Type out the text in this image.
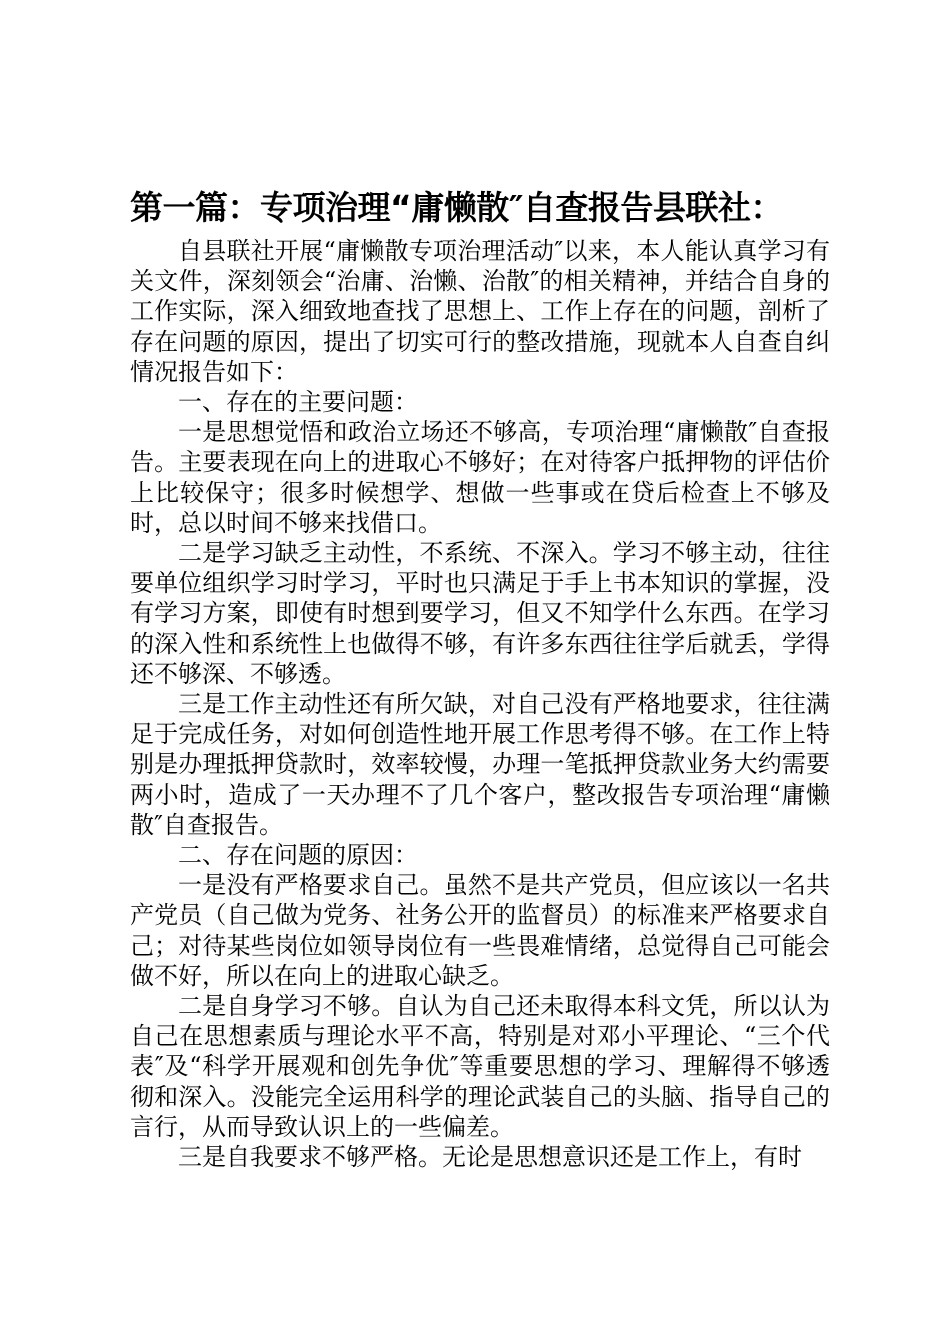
第一篇：专项治理“庸懒散″自查报告县联社：

自县联社开展“庸懒散专项治理活动″以来，本人能认真学习有关文件，深刻领会“治庸、治懒、治散″的相关精神，并结合自身的工作实际，深入细致地查找了思想上、工作上存在的问题，剖析了存在问题的原因，提出了切实可行的整改措施，现就本人自查自纠情况报告如下：

一、存在的主要问题：

一是思想觉悟和政治立场还不够高，专项治理“庸懒散″自查报告。主要表现在向上的进取心不够好；在对待客户抵押物的评估价上比较保守；很多时候想学、想做一些事或在贷后检查上不够及时，总以时间不够来找借口。

二是学习缺乏主动性，不系统、不深入。学习不够主动，往往要单位组织学习时学习，平时也只满足于手上书本知识的掌握，没有学习方案，即使有时想到要学习，但又不知学什么东西。在学习的深入性和系统性上也做得不够，有许多东西往往学后就丢，学得还不够深、不够透。

三是工作主动性还有所欠缺，对自己没有严格地要求，往往满足于完成任务，对如何创造性地开展工作思考得不够。在工作上特别是办理抵押贷款时，效率较慢，办理一笔抵押贷款业务大约需要两小时，造成了一天办理不了几个客户，整改报告专项治理“庸懒散″自查报告。

二、存在问题的原因：

一是没有严格要求自己。虽然不是共产党员，但应该以一名共产党员（自己做为党务、社务公开的监督员）的标准来严格要求自己；对待某些岗位如领导岗位有一些畏难情绪，总觉得自己可能会做不好，所以在向上的进取心缺乏。

二是自身学习不够。自认为自己还未取得本科文凭，所以认为自己在思想素质与理论水平不高，特别是对邓小平理论、“三个代表″及“科学开展观和创先争优″等重要思想的学习、理解得不够透彻和深入。没能完全运用科学的理论武装自己的头脑、指导自己的言行，从而导致认识上的一些偏差。

三是自我要求不够严格。无论是思想意识还是工作上，有时
